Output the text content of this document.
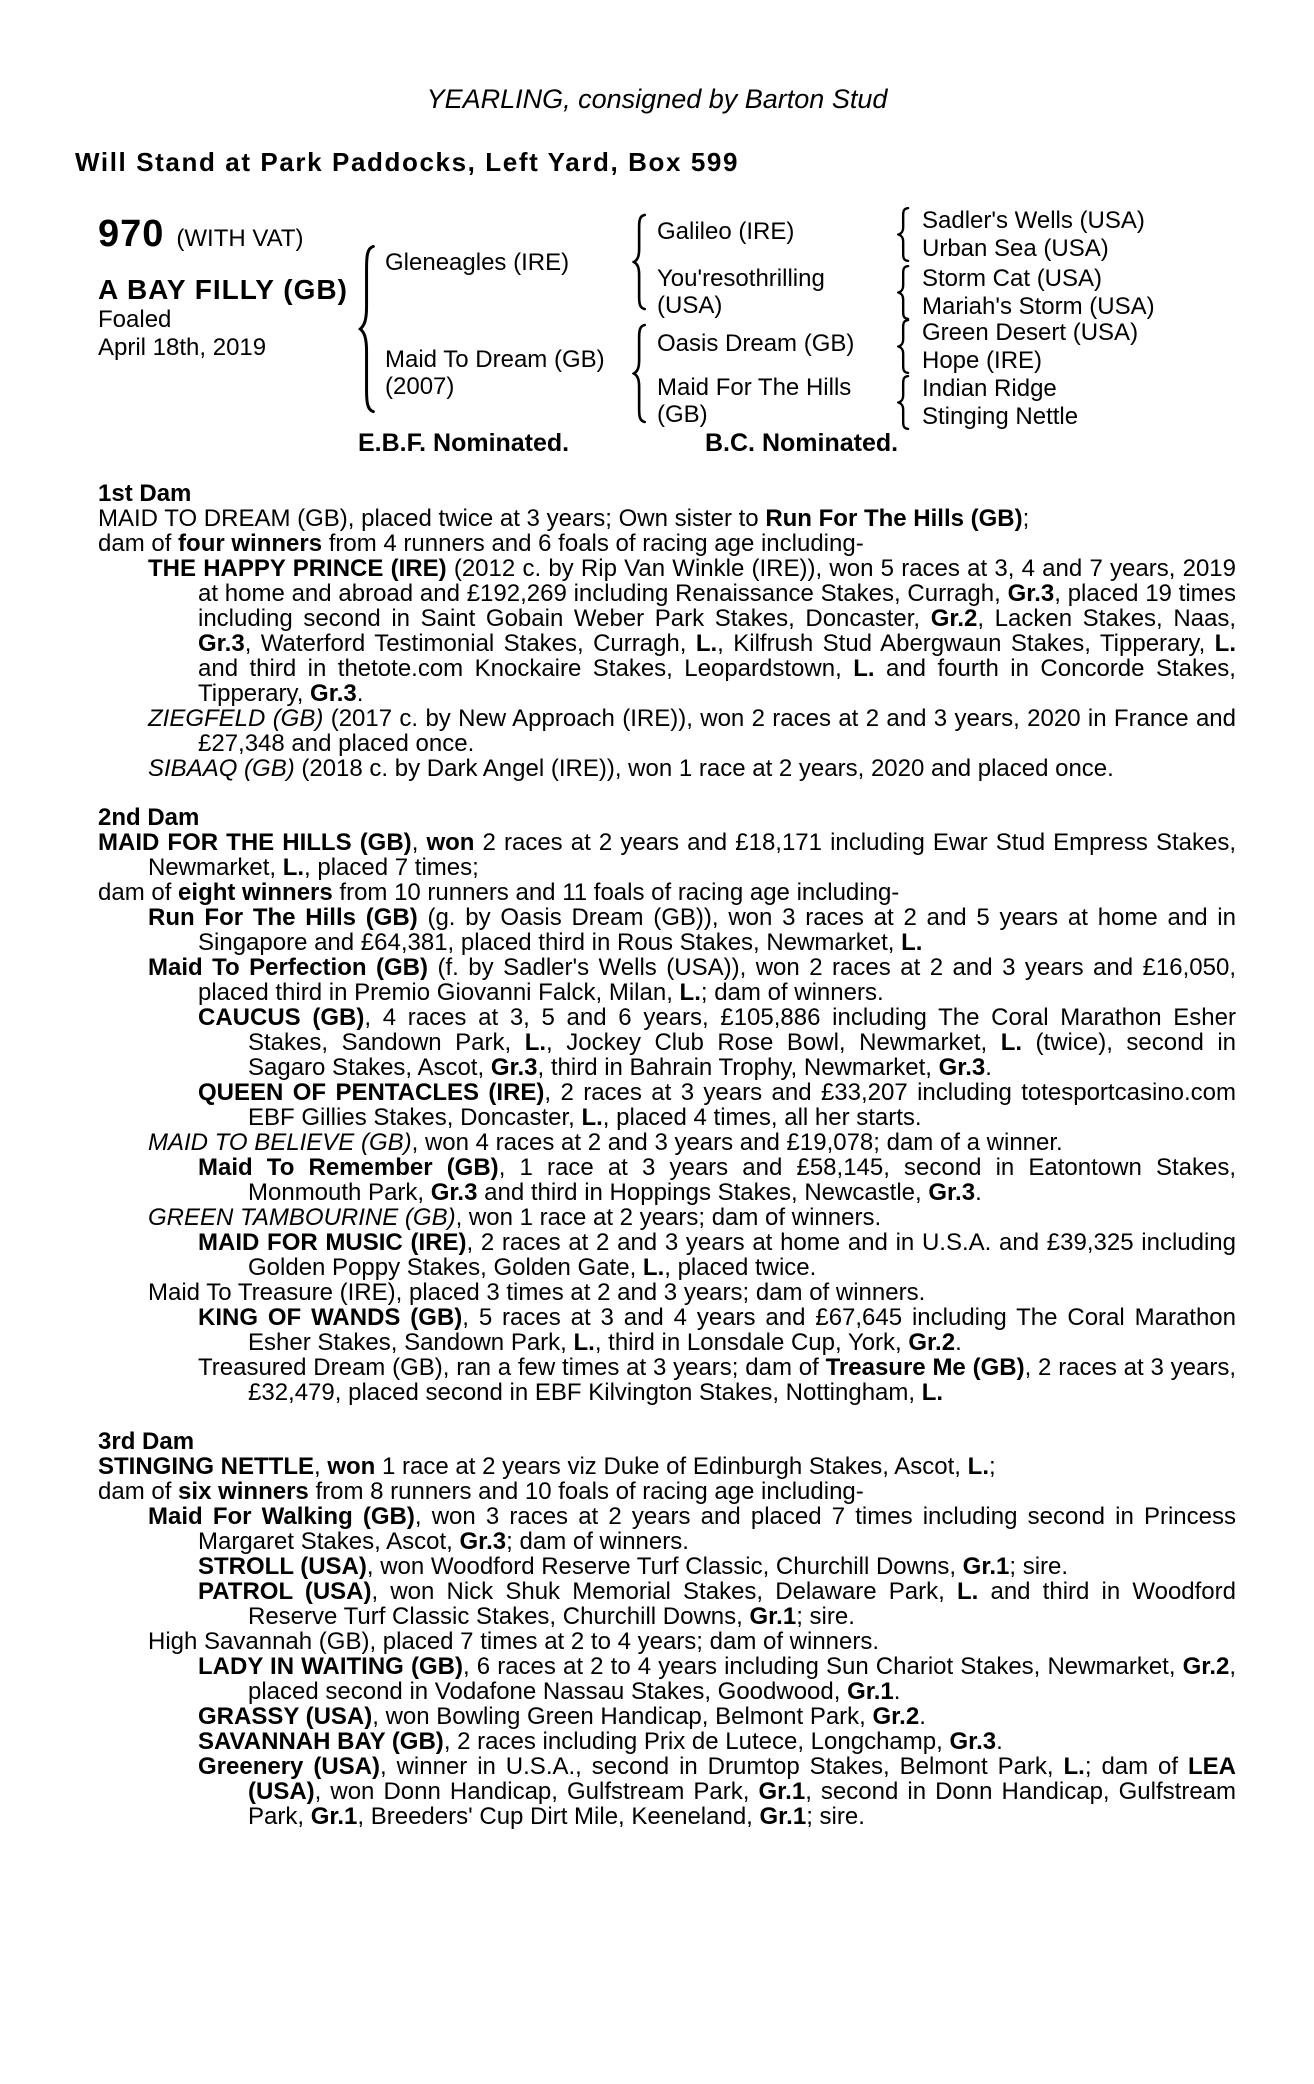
YEARLING, consigned by Barton Stud
Will Stand at Park Paddocks, Left Yard, Box 599
970 (WITH VAT)
A BAY FILLY (GB)
Foaled
April 18th, 2019
Gleneagles (IRE)
Maid To Dream (GB)
(2007)
Galileo (IRE)
You'resothrilling (USA)
Oasis Dream (GB)
Maid For The Hills (GB)
Sadler's Wells (USA)
Urban Sea (USA)
Storm Cat (USA)
Mariah's Storm (USA)
Green Desert (USA)
Hope (IRE)
Indian Ridge
Stinging Nettle
E.B.F. Nominated.	B.C. Nominated.
1st Dam

MAID TO DREAM (GB), placed twice at 3 years; Own sister to Run For The Hills (GB);

dam of four winners from 4 runners and 6 foals of racing age including-

THE HAPPY PRINCE (IRE) (2012 c. by Rip Van Winkle (IRE)), won 5 races at 3, 4 and 7 years, 2019 at home and abroad and £192,269 including Renaissance Stakes, Curragh, Gr.3, placed 19 times including second in Saint Gobain Weber Park Stakes, Doncaster, Gr.2, Lacken Stakes, Naas, Gr.3, Waterford Testimonial Stakes, Curragh, L., Kilfrush Stud Abergwaun Stakes, Tipperary, L. and third in thetote.com Knockaire Stakes, Leopardstown, L. and fourth in Concorde Stakes, Tipperary, Gr.3.

ZIEGFELD (GB) (2017 c. by New Approach (IRE)), won 2 races at 2 and 3 years, 2020 in France and £27,348 and placed once.

SIBAAQ (GB) (2018 c. by Dark Angel (IRE)), won 1 race at 2 years, 2020 and placed once.

2nd Dam

MAID FOR THE HILLS (GB), won 2 races at 2 years and £18,171 including Ewar Stud Empress Stakes, Newmarket, L., placed 7 times;

dam of eight winners from 10 runners and 11 foals of racing age including-

Run For The Hills (GB) (g. by Oasis Dream (GB)), won 3 races at 2 and 5 years at home and in Singapore and £64,381, placed third in Rous Stakes, Newmarket, L.

Maid To Perfection (GB) (f. by Sadler's Wells (USA)), won 2 races at 2 and 3 years and £16,050, placed third in Premio Giovanni Falck, Milan, L.; dam of winners.

CAUCUS (GB), 4 races at 3, 5 and 6 years, £105,886 including The Coral Marathon Esher Stakes, Sandown Park, L., Jockey Club Rose Bowl, Newmarket, L. (twice), second in Sagaro Stakes, Ascot, Gr.3, third in Bahrain Trophy, Newmarket, Gr.3.

QUEEN OF PENTACLES (IRE), 2 races at 3 years and £33,207 including totesportcasino.com EBF Gillies Stakes, Doncaster, L., placed 4 times, all her starts.

MAID TO BELIEVE (GB), won 4 races at 2 and 3 years and £19,078; dam of a winner.

Maid To Remember (GB), 1 race at 3 years and £58,145, second in Eatontown Stakes, Monmouth Park, Gr.3 and third in Hoppings Stakes, Newcastle, Gr.3.

GREEN TAMBOURINE (GB), won 1 race at 2 years; dam of winners.

MAID FOR MUSIC (IRE), 2 races at 2 and 3 years at home and in U.S.A. and £39,325 including Golden Poppy Stakes, Golden Gate, L., placed twice.

Maid To Treasure (IRE), placed 3 times at 2 and 3 years; dam of winners.

KING OF WANDS (GB), 5 races at 3 and 4 years and £67,645 including The Coral Marathon Esher Stakes, Sandown Park, L., third in Lonsdale Cup, York, Gr.2.

Treasured Dream (GB), ran a few times at 3 years; dam of Treasure Me (GB), 2 races at 3 years, £32,479, placed second in EBF Kilvington Stakes, Nottingham, L.

3rd Dam

STINGING NETTLE, won 1 race at 2 years viz Duke of Edinburgh Stakes, Ascot, L.;

dam of six winners from 8 runners and 10 foals of racing age including-

Maid For Walking (GB), won 3 races at 2 years and placed 7 times including second in Princess Margaret Stakes, Ascot, Gr.3; dam of winners.

STROLL (USA), won Woodford Reserve Turf Classic, Churchill Downs, Gr.1; sire.

PATROL (USA), won Nick Shuk Memorial Stakes, Delaware Park, L. and third in Woodford Reserve Turf Classic Stakes, Churchill Downs, Gr.1; sire.

High Savannah (GB), placed 7 times at 2 to 4 years; dam of winners.

LADY IN WAITING (GB), 6 races at 2 to 4 years including Sun Chariot Stakes, Newmarket, Gr.2, placed second in Vodafone Nassau Stakes, Goodwood, Gr.1.

GRASSY (USA), won Bowling Green Handicap, Belmont Park, Gr.2.

SAVANNAH BAY (GB), 2 races including Prix de Lutece, Longchamp, Gr.3.

Greenery (USA), winner in U.S.A., second in Drumtop Stakes, Belmont Park, L.; dam of LEA (USA), won Donn Handicap, Gulfstream Park, Gr.1, second in Donn Handicap, Gulfstream Park, Gr.1, Breeders' Cup Dirt Mile, Keeneland, Gr.1; sire.
